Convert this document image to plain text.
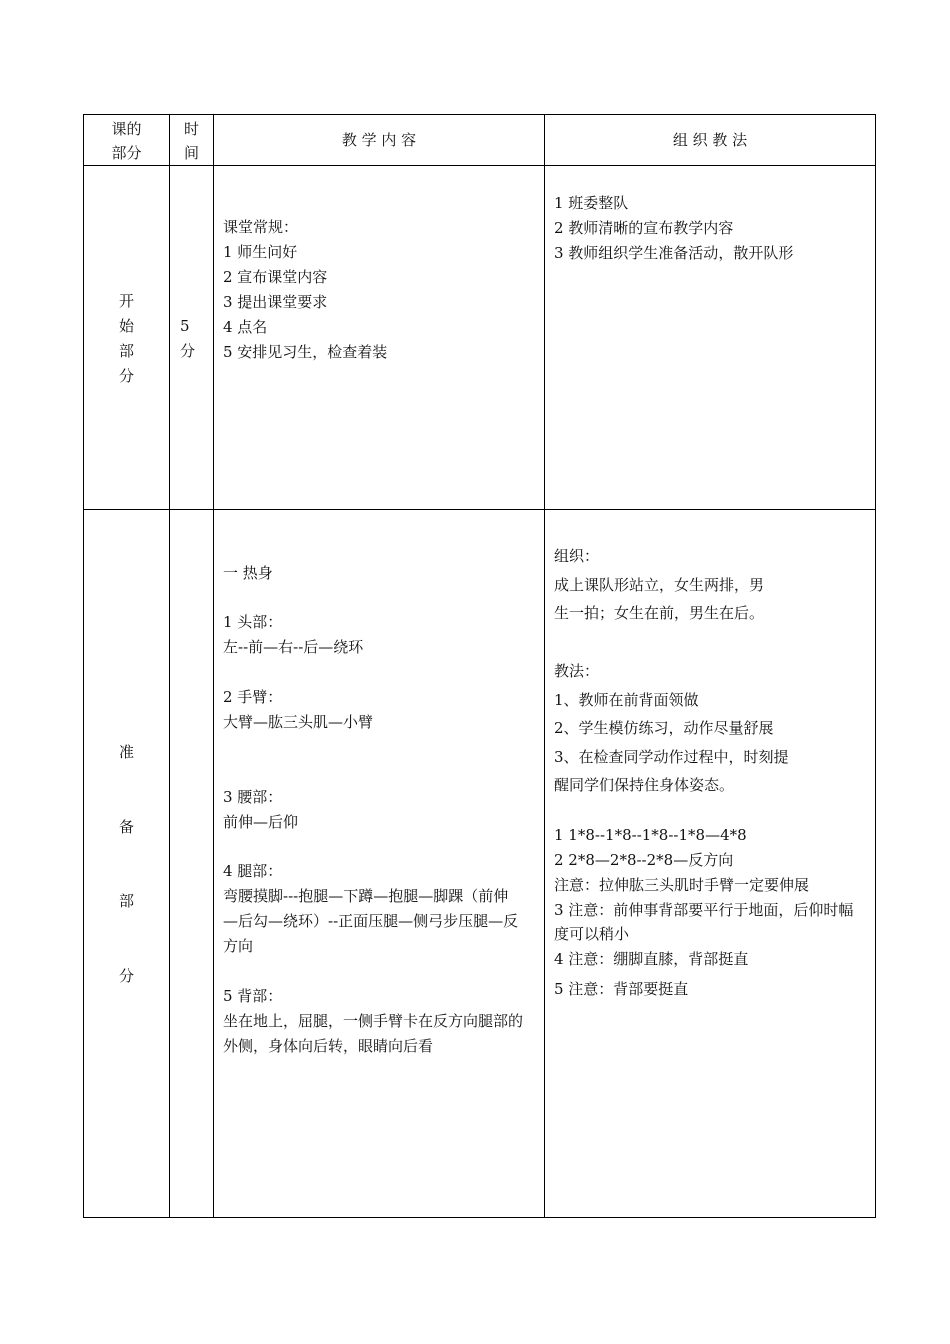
课的
部分
时
间
教 学 内 容	组 织 教 法
开
始
部
分
5
分
课堂常规：
1 师生问好
2 宣布课堂内容
3 提出课堂要求
4 点名
5 安排见习生，检查着装
1 班委整队
2 教师清晰的宣布教学内容
3 教师组织学生准备活动，散开队形
准
备
部
分
一 热身
1 头部：
左--前—右--后—绕环
2 手臂：
大臂—肱三头肌—小臂
3 腰部：
前伸—后仰
4 腿部：
弯腰摸脚---抱腿—下蹲—抱腿—脚踝（前伸
—后勾—绕环）--正面压腿—侧弓步压腿—反
方向
5 背部：
坐在地上，屈腿，一侧手臂卡在反方向腿部的
外侧，身体向后转，眼睛向后看
组织：
成上课队形站立，女生两排，男
生一拍；女生在前，男生在后。
教法：
1、教师在前背面领做
2、学生模仿练习，动作尽量舒展
3、在检查同学动作过程中，时刻提
醒同学们保持住身体姿态。
1 1*8--1*8--1*8--1*8—4*8
2 2*8—2*8--2*8—反方向
注意：拉伸肱三头肌时手臂一定要伸展
3 注意：前伸事背部要平行于地面，后仰时幅
度可以稍小
4 注意：绷脚直膝，背部挺直
5 注意：背部要挺直
